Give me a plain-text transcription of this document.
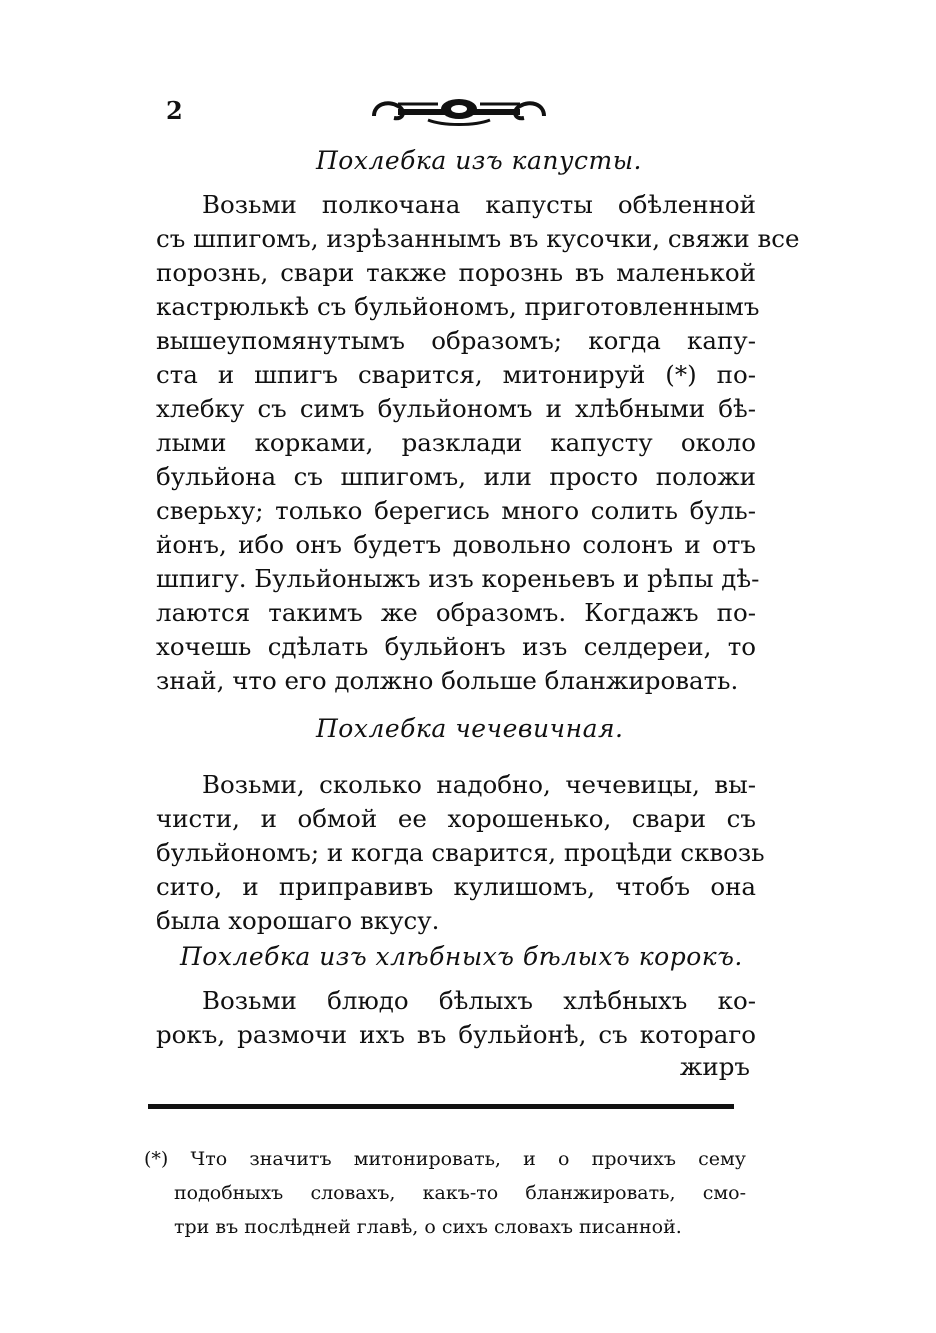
2
Похлебка изъ капусты.
Возьми полкочана капусты обѣленной
съ шпигомъ, изрѣзаннымъ въ кусочки, свяжи все
порознь, свари также порознь въ маленькой
кастрюлькѣ съ бульйономъ, приготовленнымъ
вышеупомянутымъ образомъ; когда капу-
ста и шпигъ сварится, митонируй (*) по-
хлебку съ симъ бульйономъ и хлѣбными бѣ-
лыми корками, разклади капусту около
бульйона съ шпигомъ, или просто положи
сверьху; только берегись много солить буль-
йонъ, ибо онъ будетъ довольно солонъ и отъ
шпигу. Бульйоныжъ изъ кореньевъ и рѣпы дѣ-
лаются такимъ же образомъ. Когдажъ по-
хочешь сдѣлать бульйонъ изъ селдереи, то
знай, что его должно больше бланжировать.
Похлебка чечевичная.
Возьми, сколько надобно, чечевицы, вы-
чисти, и обмой ее хорошенько, свари съ
бульйономъ; и когда сварится, процѣди сквозь
сито, и приправивъ кулишомъ, чтобъ она
была хорошаго вкусу.
Похлебка изъ хлѣбныхъ бѣлыхъ корокъ.
Возьми блюдо бѣлыхъ хлѣбныхъ ко-
рокъ, размочи ихъ въ бульйонѣ, съ котораго
жиръ
(*) Что значитъ митонировать, и о прочихъ сему
подобныхъ словахъ, какъ-то бланжировать, смо-
три въ послѣдней главѣ, о сихъ словахъ писанной.
